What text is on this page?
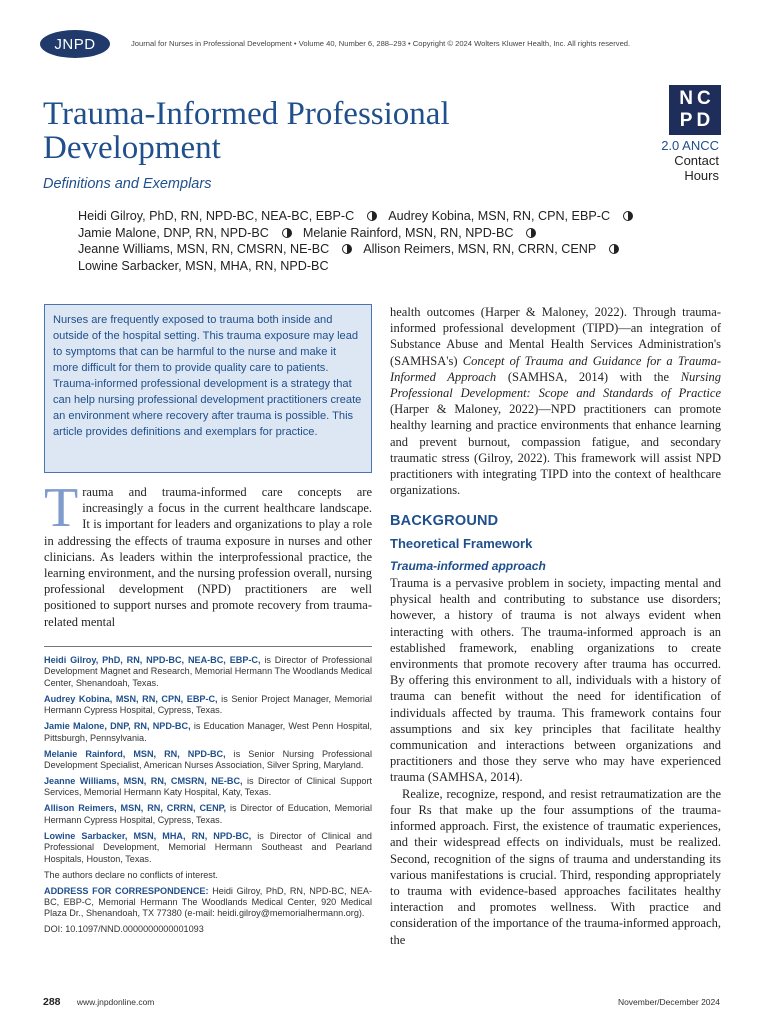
JNPD	Journal for Nurses in Professional Development • Volume 40, Number 6, 288–293 • Copyright © 2024 Wolters Kluwer Health, Inc. All rights reserved.
Trauma-Informed Professional Development
Definitions and Exemplars
NC
PD
2.0 ANCC
Contact
Hours
Heidi Gilroy, PhD, RN, NPD-BC, NEA-BC, EBP-C	Audrey Kobina, MSN, RN, CPN, EBP-C
Jamie Malone, DNP, RN, NPD-BC	Melanie Rainford, MSN, RN, NPD-BC
Jeanne Williams, MSN, RN, CMSRN, NE-BC	Allison Reimers, MSN, RN, CRRN, CENP
Lowine Sarbacker, MSN, MHA, RN, NPD-BC
Nurses are frequently exposed to trauma both inside and outside of the hospital setting. This trauma exposure may lead to symptoms that can be harmful to the nurse and make it more difficult for them to provide quality care to patients. Trauma-informed professional development is a strategy that can help nursing professional development practitioners create an environment where recovery after trauma is possible. This article provides definitions and exemplars for practice.

Trauma and trauma-informed care concepts are increasingly a focus in the current healthcare landscape. It is important for leaders and organizations to play a role in addressing the effects of trauma exposure in nurses and other clinicians. As leaders within the interprofessional practice, the learning environment, and the nursing profession overall, nursing professional development (NPD) practitioners are well positioned to support nurses and promote recovery from trauma-related mental

Heidi Gilroy, PhD, RN, NPD-BC, NEA-BC, EBP-C, is Director of Professional Development Magnet and Research, Memorial Hermann The Woodlands Medical Center, Shenandoah, Texas.

Audrey Kobina, MSN, RN, CPN, EBP-C, is Senior Project Manager, Memorial Hermann Cypress Hospital, Cypress, Texas.

Jamie Malone, DNP, RN, NPD-BC, is Education Manager, West Penn Hospital, Pittsburgh, Pennsylvania.

Melanie Rainford, MSN, RN, NPD-BC, is Senior Nursing Professional Development Specialist, American Nurses Association, Silver Spring, Maryland.

Jeanne Williams, MSN, RN, CMSRN, NE-BC, is Director of Clinical Support Services, Memorial Hermann Katy Hospital, Katy, Texas.

Allison Reimers, MSN, RN, CRRN, CENP, is Director of Education, Memorial Hermann Cypress Hospital, Cypress, Texas.

Lowine Sarbacker, MSN, MHA, RN, NPD-BC, is Director of Clinical and Professional Development, Memorial Hermann Southeast and Pearland Hospitals, Houston, Texas.

The authors declare no conflicts of interest.

ADDRESS FOR CORRESPONDENCE: Heidi Gilroy, PhD, RN, NPD-BC, NEA-BC, EBP-C, Memorial Hermann The Woodlands Medical Center, 920 Medical Plaza Dr., Shenandoah, TX 77380 (e-mail: heidi.gilroy@memorialhermann.org).

DOI: 10.1097/NND.0000000000001093

health outcomes (Harper & Maloney, 2022). Through trauma-informed professional development (TIPD)—an integration of Substance Abuse and Mental Health Services Administration's (SAMHSA's) Concept of Trauma and Guidance for a Trauma-Informed Approach (SAMHSA, 2014) with the Nursing Professional Development: Scope and Standards of Practice (Harper & Maloney, 2022)—NPD practitioners can promote healthy learning and practice environments that enhance learning and prevent burnout, compassion fatigue, and secondary traumatic stress (Gilroy, 2022). This framework will assist NPD practitioners with integrating TIPD into the context of healthcare organizations.

BACKGROUND
Theoretical Framework
Trauma-informed approach

Trauma is a pervasive problem in society, impacting mental and physical health and contributing to substance use disorders; however, a history of trauma is not always evident when interacting with others. The trauma-informed approach is an established framework, enabling organizations to create environments that promote recovery after trauma has occurred. By offering this environment to all, individuals with a history of trauma can benefit without the need for identification of individuals affected by trauma. This framework contains four assumptions and six key principles that facilitate healthy communication and interactions between organizations and practitioners and those they serve who may have experienced trauma (SAMHSA, 2014).

Realize, recognize, respond, and resist retraumatization are the four Rs that make up the four assumptions of the trauma-informed approach. First, the existence of traumatic experiences, and their widespread effects on individuals, must be realized. Second, recognition of the signs of trauma and understanding its various manifestations is crucial. Third, responding appropriately to trauma with evidence-based approaches facilitates healthy interaction and promotes wellness. With practice and consideration of the importance of the trauma-informed approach, the

288 www.jnpdonline.com	November/December 2024
